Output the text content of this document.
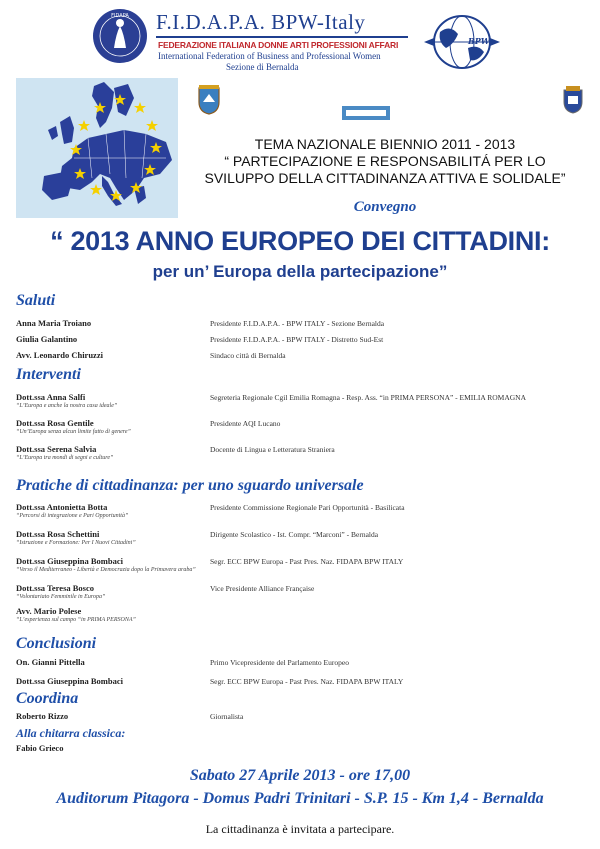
FIDAPA F.I.D.A.P.A. BPW-Italy
FEDERAZIONE ITALIANA DONNE ARTI PROFESSIONI AFFARI
International Federation of Business and Professional Women
Sezione di Bernalda
BPW
TEMA NAZIONALE BIENNIO 2011 - 2013
“ PARTECIPAZIONE E RESPONSABILITÁ PER LO
SVILUPPO DELLA CITTADINANZA ATTIVA E SOLIDALE”
Convegno
“ 2013 ANNO EUROPEO DEI CITTADINI:
per un’ Europa della partecipazione”
Saluti
Anna Maria Troiano	Presidente F.I.D.A.P.A. - BPW ITALY - Sezione Bernalda
Giulia Galantino	Presidente F.I.D.A.P.A. - BPW ITALY - Distretto Sud-Est
Avv. Leonardo Chiruzzi	Sindaco città di Bernalda
Interventi
Dott.ssa Anna Salfi	Segreteria Regionale Cgil Emilia Romagna - Resp. Ass. “in PRIMA PERSONA” - EMILIA ROMAGNA
“L’Europa e anche la nostra casa ideale”
Dott.ssa Rosa Gentile	Presidente AQI Lucano
“Un’Europa senza alcun limite fatto di genere”
Dott.ssa Serena Salvia	Docente di Lingua e Letteratura Straniera
“L’Europa tra mondi di segni e culture”
Pratiche di cittadinanza: per uno sguardo universale
Dott.ssa Antonietta Botta	Presidente Commissione Regionale Pari Opportunità - Basilicata
“Percorsi di integrazione e Pari Opportunità”
Dott.ssa Rosa Schettini	Dirigente Scolastico - Ist. Compr. “Marconi” - Bernalda
“Istruzione e Formazione: Per I Nuovi Cittadini”
Dott.ssa Giuseppina Bombaci	Segr. ECC BPW Europa - Past Pres. Naz. FIDAPA BPW ITALY
“Verso il Mediterraneo - Libertà e Democrazia dopo la Primavera araba”
Dott.ssa Teresa Bosco	Vice Presidente Alliance Française
“Volontariato Femminile in Europa”
Avv. Mario Polese
“L’esperienza sul campo “in PRIMA PERSONA”
Conclusioni
On. Gianni Pittella	Primo Vicepresidente del Parlamento Europeo
Dott.ssa Giuseppina Bombaci	Segr. ECC BPW Europa - Past Pres. Naz. FIDAPA BPW ITALY
Coordina
Roberto Rizzo	Giornalista
Alla chitarra classica:
Fabio Grieco
Sabato 27 Aprile 2013 - ore 17,00
Auditorum Pitagora - Domus Padri Trinitari - S.P. 15 - Km 1,4 - Bernalda
La cittadinanza è invitata a partecipare.
